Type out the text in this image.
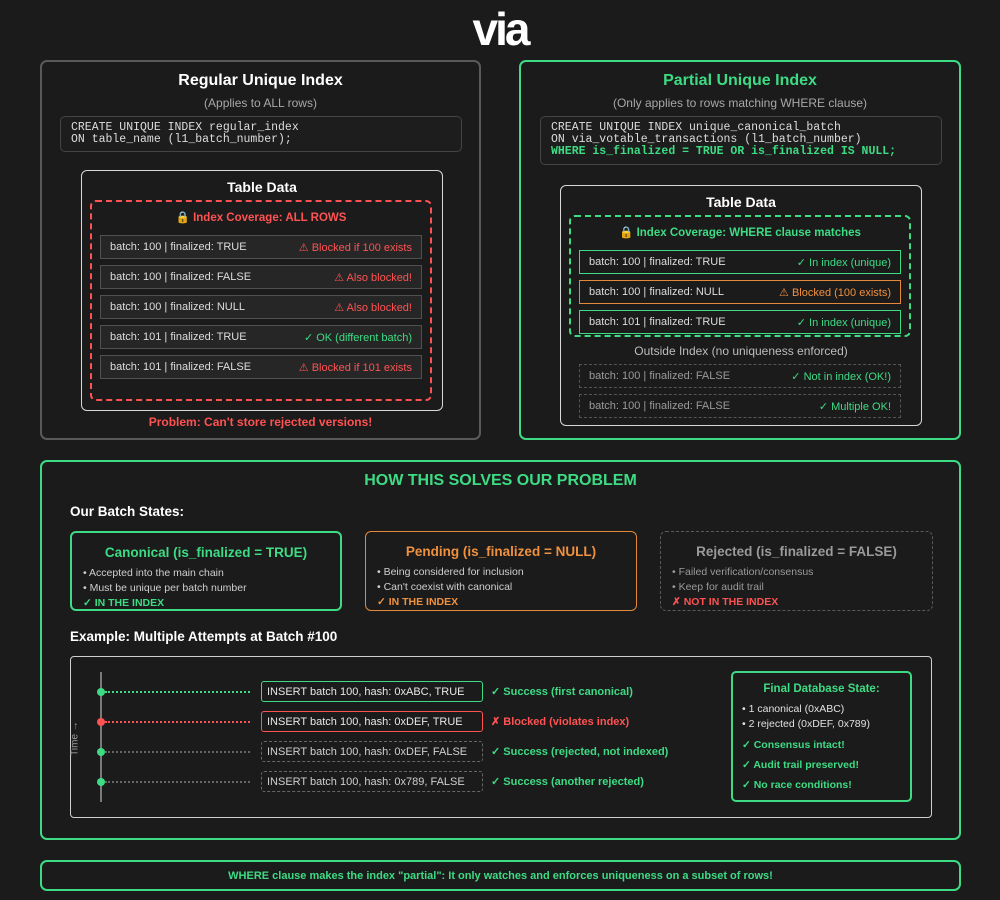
via
Regular Unique Index
(Applies to ALL rows)
CREATE UNIQUE INDEX regular_index
ON table_name (l1_batch_number);
Table Data
🔒 Index Coverage: ALL ROWS
batch: 100 | finalized: TRUE	⚠ Blocked if 100 exists
batch: 100 | finalized: FALSE	⚠ Also blocked!
batch: 100 | finalized: NULL	⚠ Also blocked!
batch: 101 | finalized: TRUE	✓ OK (different batch)
batch: 101 | finalized: FALSE	⚠ Blocked if 101 exists
Problem: Can't store rejected versions!
Partial Unique Index
(Only applies to rows matching WHERE clause)
CREATE UNIQUE INDEX unique_canonical_batch
ON via_votable_transactions (l1_batch_number)
WHERE is_finalized = TRUE OR is_finalized IS NULL;
Table Data
🔒 Index Coverage: WHERE clause matches
batch: 100 | finalized: TRUE	✓ In index (unique)
batch: 100 | finalized: NULL	⚠ Blocked (100 exists)
batch: 101 | finalized: TRUE	✓ In index (unique)
Outside Index (no uniqueness enforced)
batch: 100 | finalized: FALSE	✓ Not in index (OK!)
batch: 100 | finalized: FALSE	✓ Multiple OK!
HOW THIS SOLVES OUR PROBLEM
Our Batch States:
Canonical (is_finalized = TRUE)
• Accepted into the main chain
• Must be unique per batch number
✓ IN THE INDEX
Pending (is_finalized = NULL)
• Being considered for inclusion
• Can't coexist with canonical
✓ IN THE INDEX
Rejected (is_finalized = FALSE)
• Failed verification/consensus
• Keep for audit trail
✗ NOT IN THE INDEX
Example: Multiple Attempts at Batch #100
Time →
INSERT batch 100, hash: 0xABC, TRUE	✓ Success (first canonical)
INSERT batch 100, hash: 0xDEF, TRUE	✗ Blocked (violates index)
INSERT batch 100, hash: 0xDEF, FALSE	✓ Success (rejected, not indexed)
INSERT batch 100, hash: 0x789, FALSE	✓ Success (another rejected)
Final Database State:
• 1 canonical (0xABC)
• 2 rejected (0xDEF, 0x789)
✓ Consensus intact!
✓ Audit trail preserved!
✓ No race conditions!
WHERE clause makes the index "partial": It only watches and enforces uniqueness on a subset of rows!
